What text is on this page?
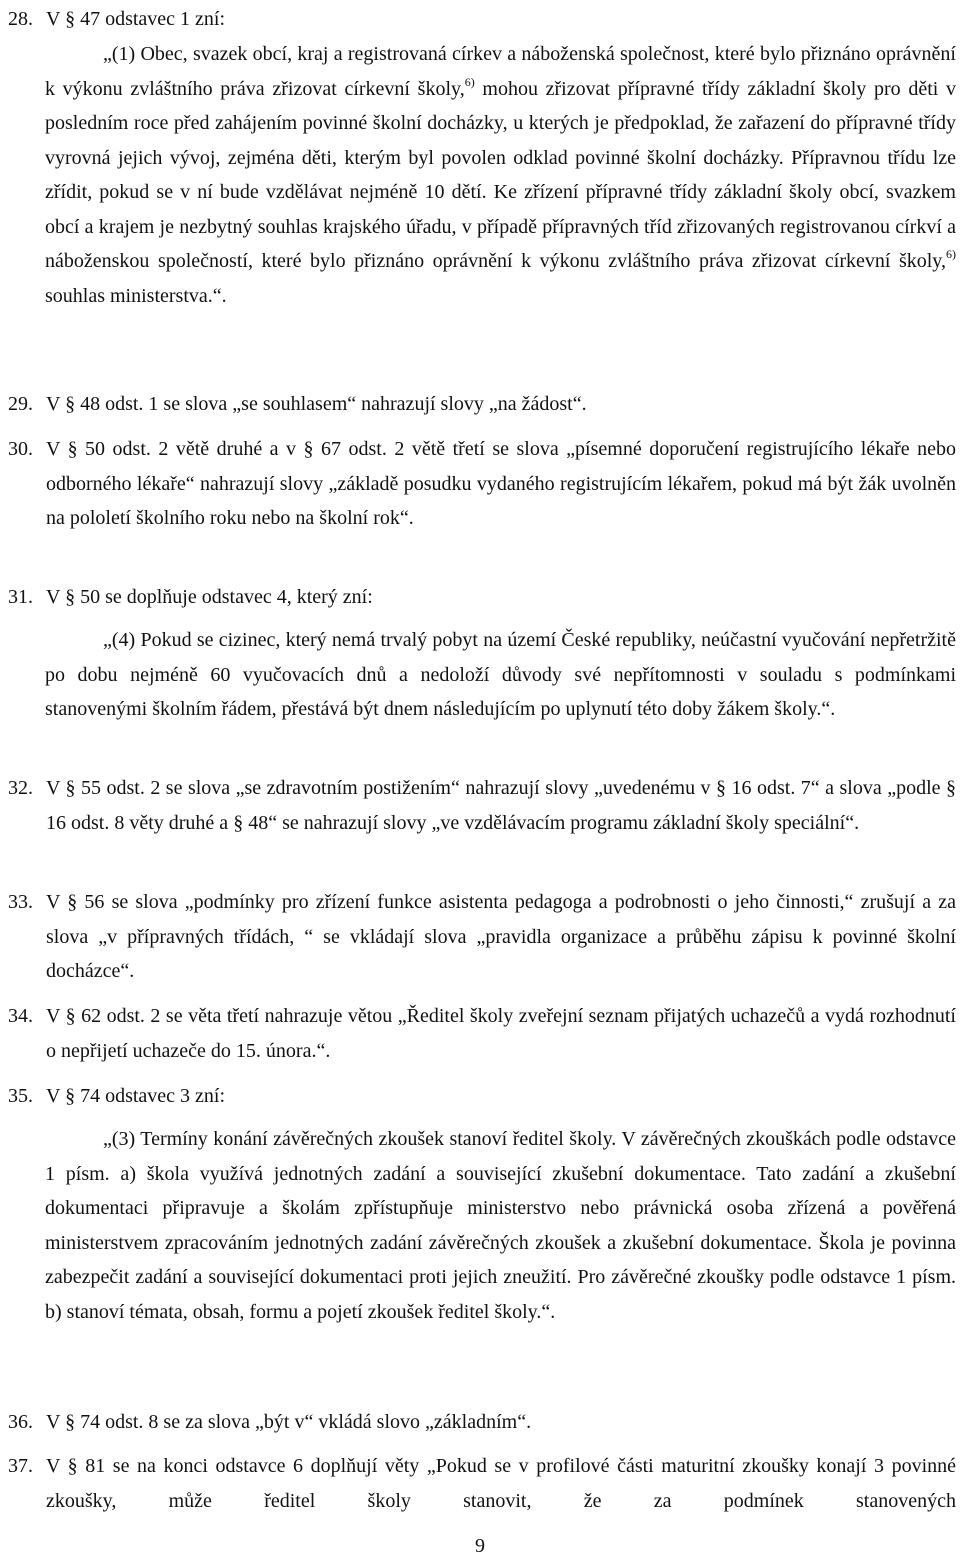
28. V § 47 odstavec 1 zní:

„(1) Obec, svazek obcí, kraj a registrovaná církev a náboženská společnost, které bylo přiznáno oprávnění k výkonu zvláštního práva zřizovat církevní školy,$^{6)}$ mohou zřizovat přípravné třídy základní školy pro děti v posledním roce před zahájením povinné školní docházky, u kterých je předpoklad, že zařazení do přípravné třídy vyrovná jejich vývoj, zejména děti, kterým byl povolen odklad povinné školní docházky. Přípravnou třídu lze zřídit, pokud se v ní bude vzdělávat nejméně 10 dětí. Ke zřízení přípravné třídy základní školy obcí, svazkem obcí a krajem je nezbytný souhlas krajského úřadu, v případě přípravných tříd zřizovaných registrovanou církví a náboženskou společností, které bylo přiznáno oprávnění k výkonu zvláštního práva zřizovat církevní školy,$^{6)}$ souhlas ministerstva.“.

29. V § 48 odst. 1 se slova „se souhlasem“ nahrazují slovy „na žádost“.
30. V § 50 odst. 2 větě druhé a v § 67 odst. 2 větě třetí se slova „písemné doporučení registrujícího lékaře nebo odborného lékaře“ nahrazují slovy „základě posudku vydaného registrujícím lékařem, pokud má být žák uvolněn na pololetí školního roku nebo na školní rok“.
31. V § 50 se doplňuje odstavec 4, který zní:

„(4) Pokud se cizinec, který nemá trvalý pobyt na území České republiky, neúčastní vyučování nepřetržitě po dobu nejméně 60 vyučovacích dnů a nedoloží důvody své nepřítomnosti v souladu s podmínkami stanovenými školním řádem, přestává být dnem následujícím po uplynutí této doby žákem školy.“.

32. V § 55 odst. 2 se slova „se zdravotním postižením“ nahrazují slovy „uvedenému v § 16 odst. 7“ a slova „podle § 16 odst. 8 věty druhé a § 48“ se nahrazují slovy „ve vzdělávacím programu základní školy speciální“.
33. V § 56 se slova „podmínky pro zřízení funkce asistenta pedagoga a podrobnosti o jeho činnosti,“ zrušují a za slova „v přípravných třídách, “ se vkládají slova „pravidla organizace a průběhu zápisu k povinné školní docházce“.
34. V § 62 odst. 2 se věta třetí nahrazuje větou „Ředitel školy zveřejní seznam přijatých uchazečů a vydá rozhodnutí o nepřijetí uchazeče do 15. února.“.
35. V § 74 odstavec 3 zní:

„(3) Termíny konání závěrečných zkoušek stanoví ředitel školy. V závěrečných zkouškách podle odstavce 1 písm. a) škola využívá jednotných zadání a související zkušební dokumentace. Tato zadání a zkušební dokumentaci připravuje a školám zpřístupňuje ministerstvo nebo právnická osoba zřízená a pověřená ministerstvem zpracováním jednotných zadání závěrečných zkoušek a zkušební dokumentace. Škola je povinna zabezpečit zadání a související dokumentaci proti jejich zneužití. Pro závěrečné zkoušky podle odstavce 1 písm. b) stanoví témata, obsah, formu a pojetí zkoušek ředitel školy.“.

36. V § 74 odst. 8 se za slova „být v“ vkládá slovo „základním“.
37. V § 81 se na konci odstavce 6 doplňují věty „Pokud se v profilové části maturitní zkoušky konají 3 povinné zkoušky, může ředitel školy stanovit, že za podmínek stanovených
9
